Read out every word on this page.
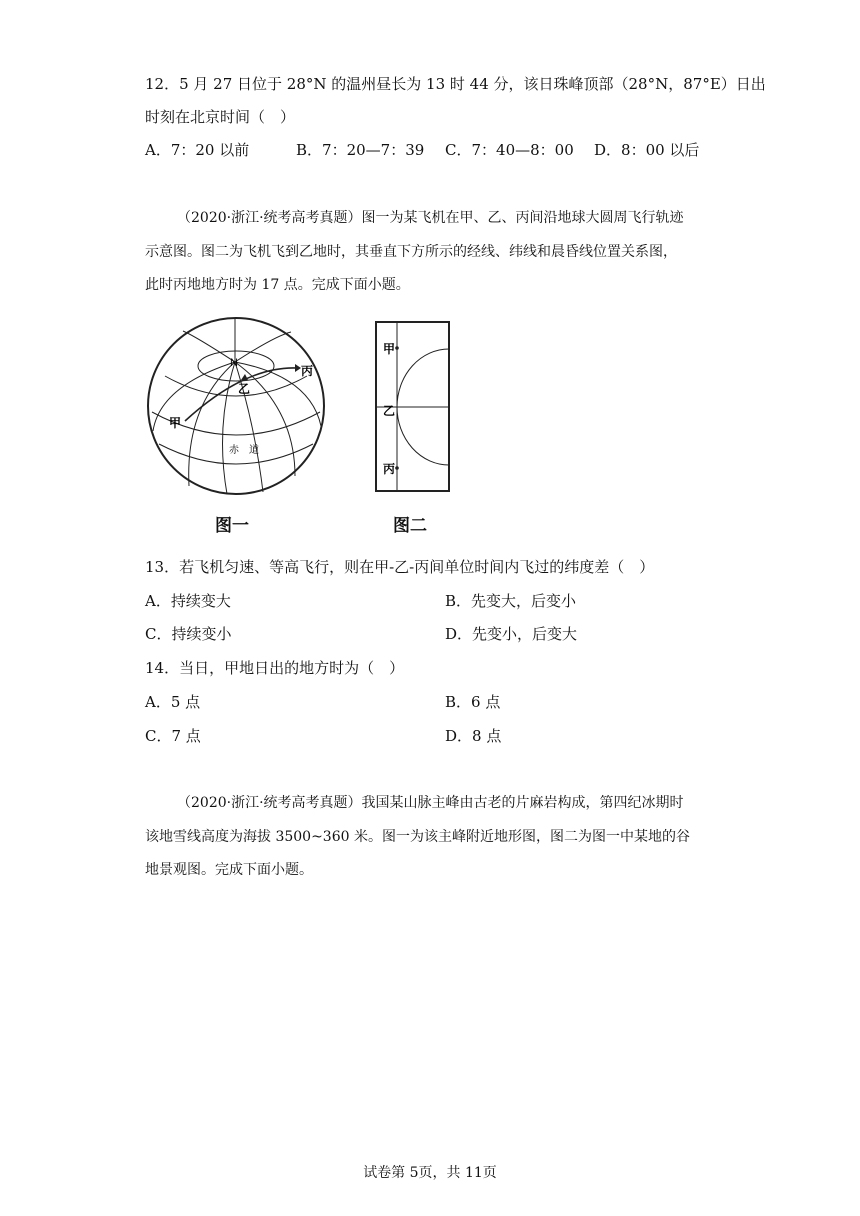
12．5 月 27 日位于 28°N 的温州昼长为 13 时 44 分，该日珠峰顶部（28°N，87°E）日出
时刻在北京时间（　）
A．7：20 以前	B．7：20—7：39 C．7：40—8：00 D．8：00 以后
（2020·浙江·统考高考真题）图一为某飞机在甲、乙、丙间沿地球大圆周飞行轨迹
示意图。图二为飞机飞到乙地时，其垂直下方所示的经线、纬线和晨昏线位置关系图，
此时丙地地方时为 17 点。完成下面小题。
N
甲
乙
丙
赤　道
图一
甲
乙
丙
图二
13．若飞机匀速、等高飞行，则在甲-乙-丙间单位时间内飞过的纬度差（　）
A．持续变大	B．先变大，后变小
C．持续变小	D．先变小，后变大
14．当日，甲地日出的地方时为（　）
A．5 点	B．6 点
C．7 点	D．8 点
（2020·浙江·统考高考真题）我国某山脉主峰由古老的片麻岩构成，第四纪冰期时
该地雪线高度为海拔 3500~360 米。图一为该主峰附近地形图，图二为图一中某地的谷
地景观图。完成下面小题。
试卷第 5页，共 11页
